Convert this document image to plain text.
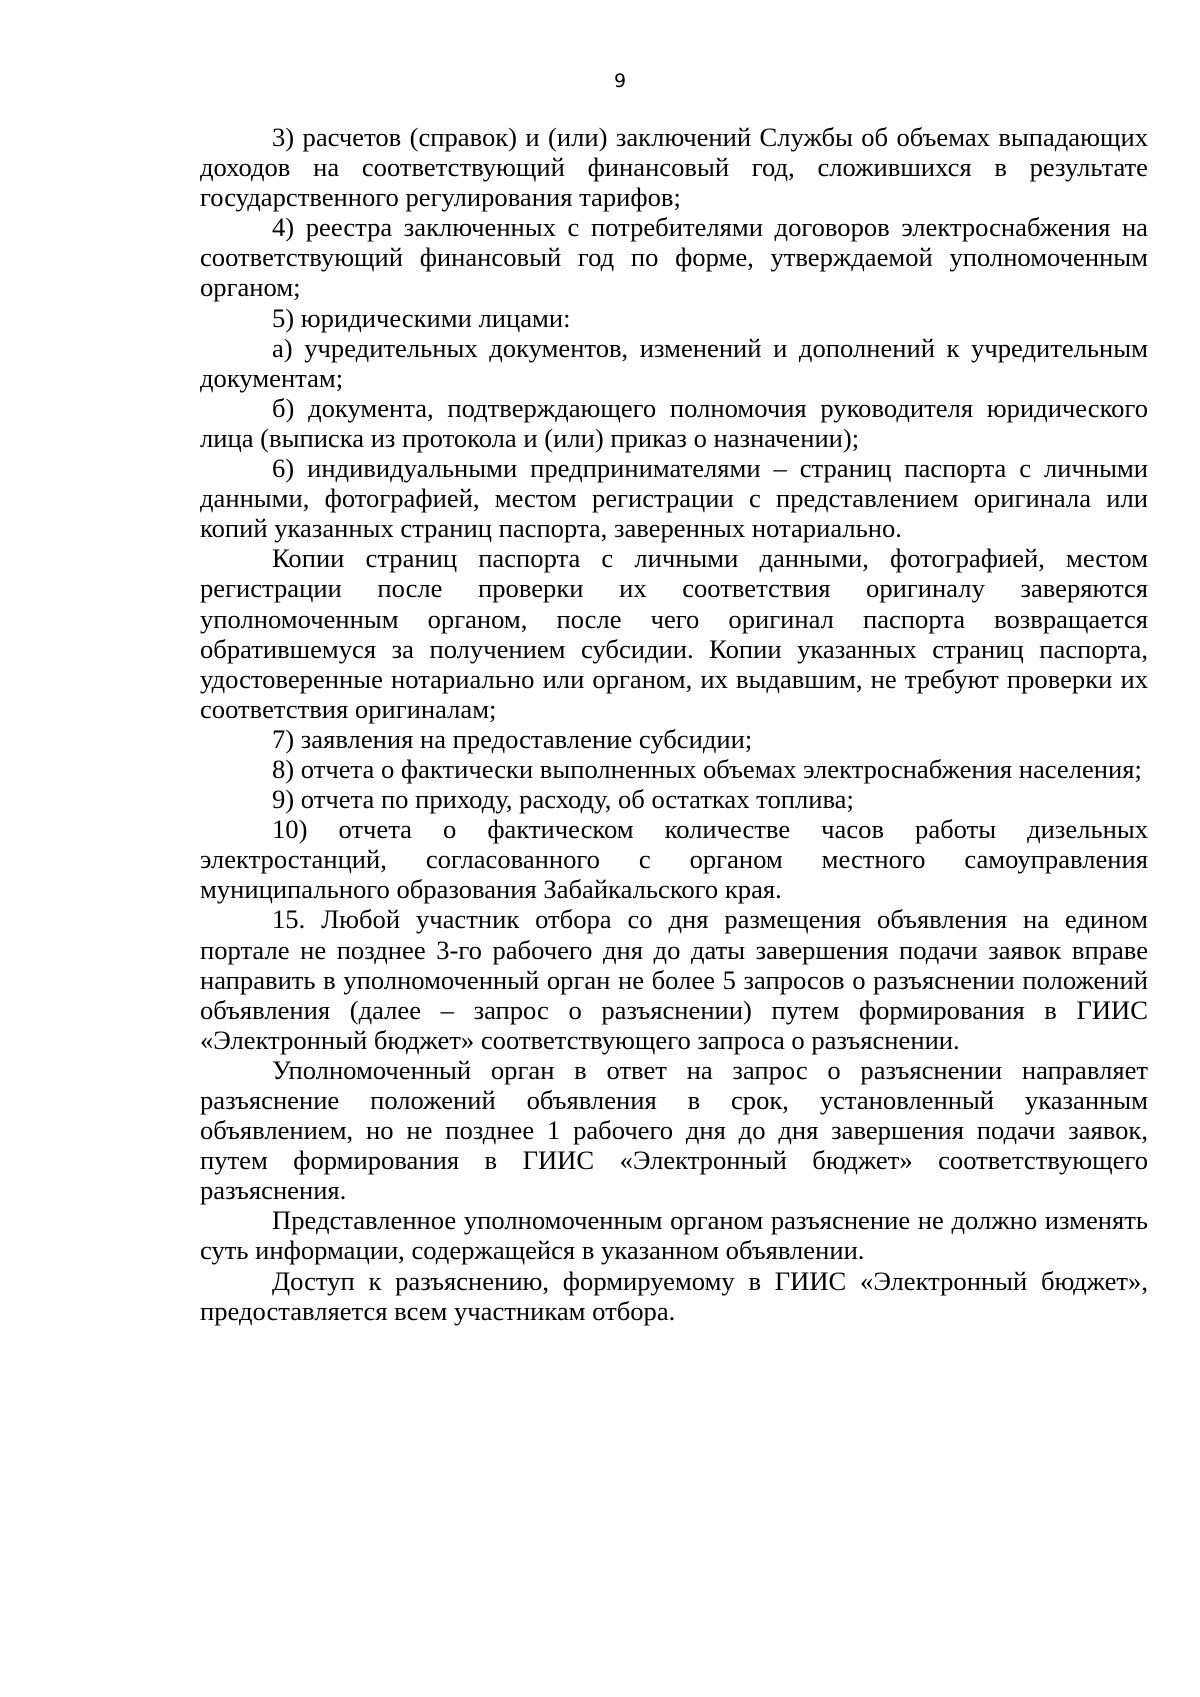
9

3) расчетов (справок) и (или) заключений Службы об объемах выпадающих доходов на соответствующий финансовый год, сложившихся в результате государственного регулирования тарифов;

4) реестра заключенных с потребителями договоров электроснабжения на соответствующий финансовый год по форме, утверждаемой уполномоченным органом;

5) юридическими лицами:

а) учредительных документов, изменений и дополнений к учредительным документам;

б) документа, подтверждающего полномочия руководителя юридического лица (выписка из протокола и (или) приказ о назначении);

6) индивидуальными предпринимателями – страниц паспорта с личными данными, фотографией, местом регистрации с представлением оригинала или копий указанных страниц паспорта, заверенных нотариально.

Копии страниц паспорта с личными данными, фотографией, местом регистрации после проверки их соответствия оригиналу заверяются уполномоченным органом, после чего оригинал паспорта возвращается обратившемуся за получением субсидии. Копии указанных страниц паспорта, удостоверенные нотариально или органом, их выдавшим, не требуют проверки их соответствия оригиналам;

7) заявления на предоставление субсидии;

8) отчета о фактически выполненных объемах электроснабжения населения;

9) отчета по приходу, расходу, об остатках топлива;

10) отчета о фактическом количестве часов работы дизельных электростанций, согласованного с органом местного самоуправления муниципального образования Забайкальского края.

15. Любой участник отбора со дня размещения объявления на едином портале не позднее 3-го рабочего дня до даты завершения подачи заявок вправе направить в уполномоченный орган не более 5 запросов о разъяснении положений объявления (далее – запрос о разъяснении) путем формирования в ГИИС «Электронный бюджет» соответствующего запроса о разъяснении.

Уполномоченный орган в ответ на запрос о разъяснении направляет разъяснение положений объявления в срок, установленный указанным объявлением, но не позднее 1 рабочего дня до дня завершения подачи заявок, путем формирования в ГИИС «Электронный бюджет» соответствующего разъяснения.

Представленное уполномоченным органом разъяснение не должно изменять суть информации, содержащейся в указанном объявлении.

Доступ к разъяснению, формируемому в ГИИС «Электронный бюджет», предоставляется всем участникам отбора.
